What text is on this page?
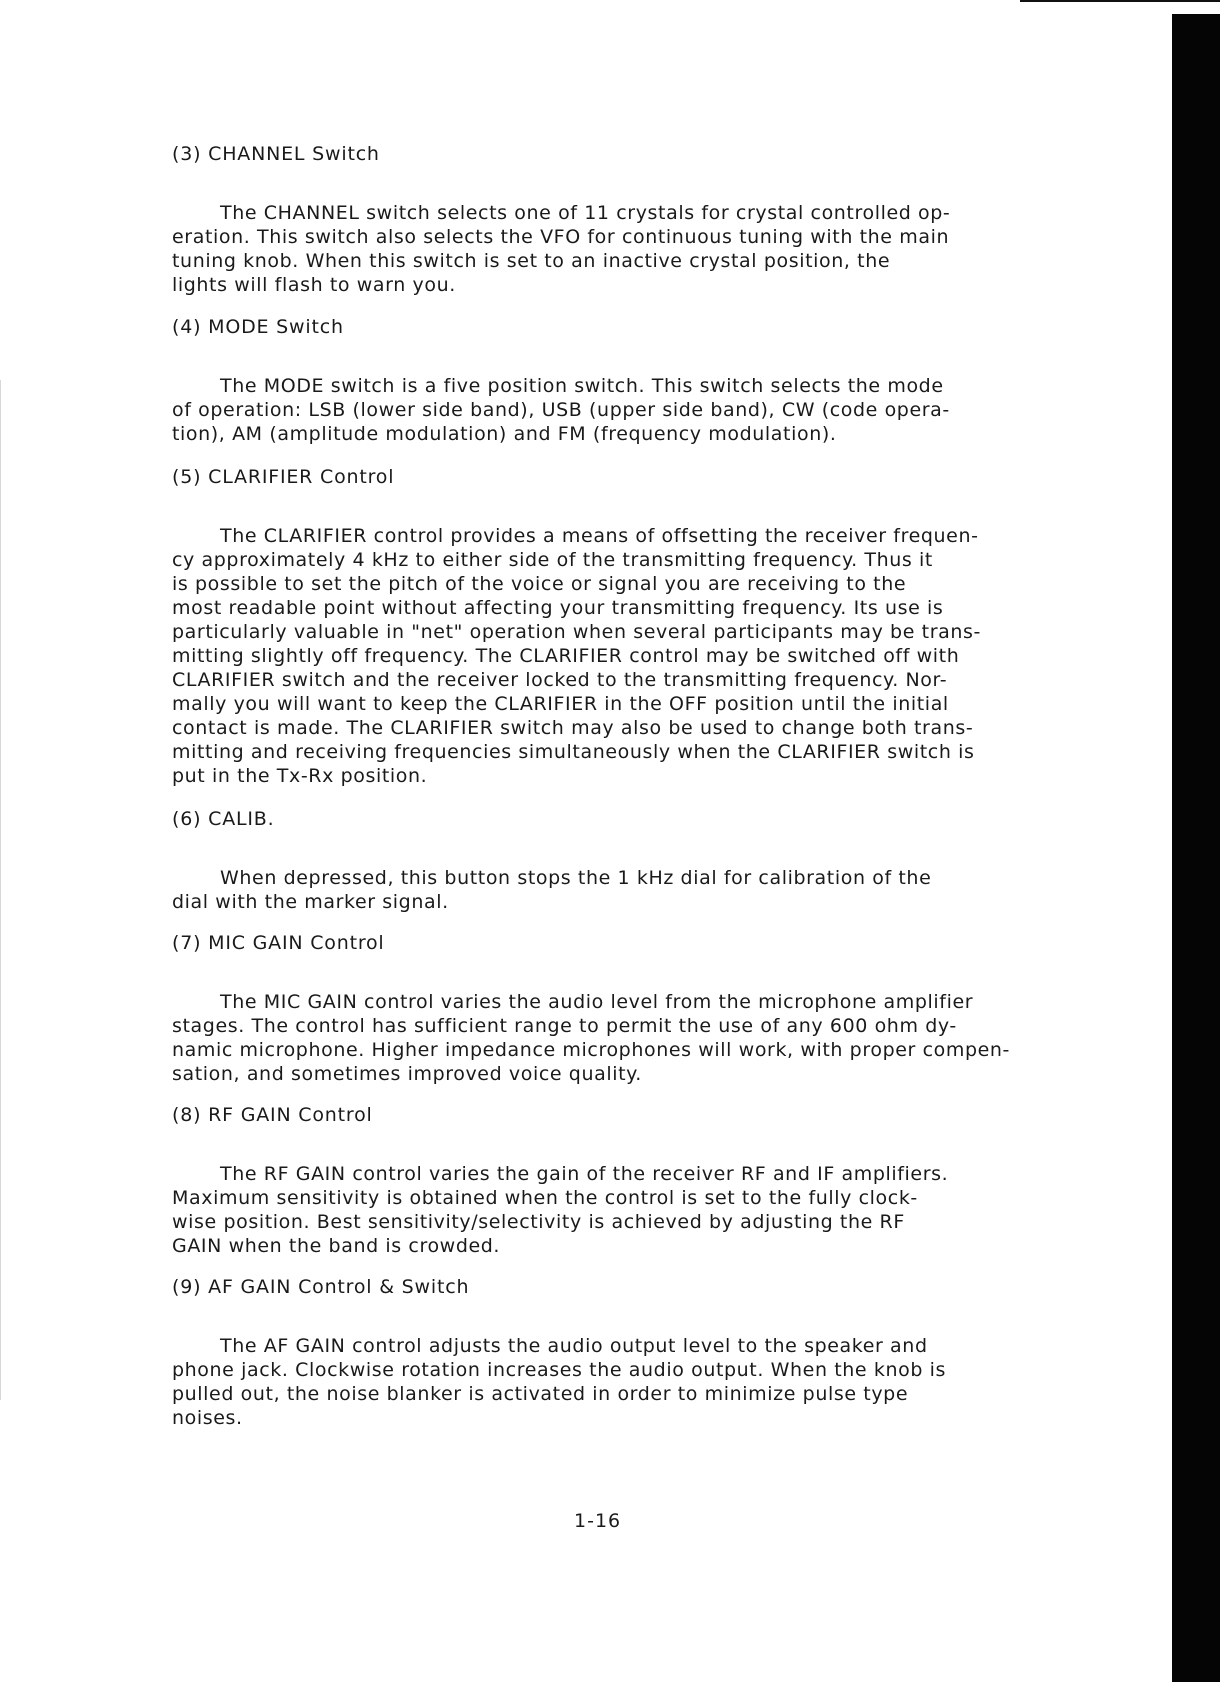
(3) CHANNEL Switch

The CHANNEL switch selects one of 11 crystals for crystal controlled op-
eration. This switch also selects the VFO for continuous tuning with the main
tuning knob. When this switch is set to an inactive crystal position, the
lights will flash to warn you.

(4) MODE Switch

The MODE switch is a five position switch. This switch selects the mode
of operation: LSB (lower side band), USB (upper side band), CW (code opera-
tion), AM (amplitude modulation) and FM (frequency modulation).

(5) CLARIFIER Control

The CLARIFIER control provides a means of offsetting the receiver frequen-
cy approximately 4 kHz to either side of the transmitting frequency. Thus it
is possible to set the pitch of the voice or signal you are receiving to the
most readable point without affecting your transmitting frequency. Its use is
particularly valuable in "net" operation when several participants may be trans-
mitting slightly off frequency. The CLARIFIER control may be switched off with
CLARIFIER switch and the receiver locked to the transmitting frequency. Nor-
mally you will want to keep the CLARIFIER in the OFF position until the initial
contact is made. The CLARIFIER switch may also be used to change both trans-
mitting and receiving frequencies simultaneously when the CLARIFIER switch is
put in the Tx-Rx position.

(6) CALIB.

When depressed, this button stops the 1 kHz dial for calibration of the
dial with the marker signal.

(7) MIC GAIN Control

The MIC GAIN control varies the audio level from the microphone amplifier
stages. The control has sufficient range to permit the use of any 600 ohm dy-
namic microphone. Higher impedance microphones will work, with proper compen-
sation, and sometimes improved voice quality.

(8) RF GAIN Control

The RF GAIN control varies the gain of the receiver RF and IF amplifiers.
Maximum sensitivity is obtained when the control is set to the fully clock-
wise position. Best sensitivity/selectivity is achieved by adjusting the RF
GAIN when the band is crowded.

(9) AF GAIN Control & Switch

The AF GAIN control adjusts the audio output level to the speaker and
phone jack. Clockwise rotation increases the audio output. When the knob is
pulled out, the noise blanker is activated in order to minimize pulse type
noises.
1-16
